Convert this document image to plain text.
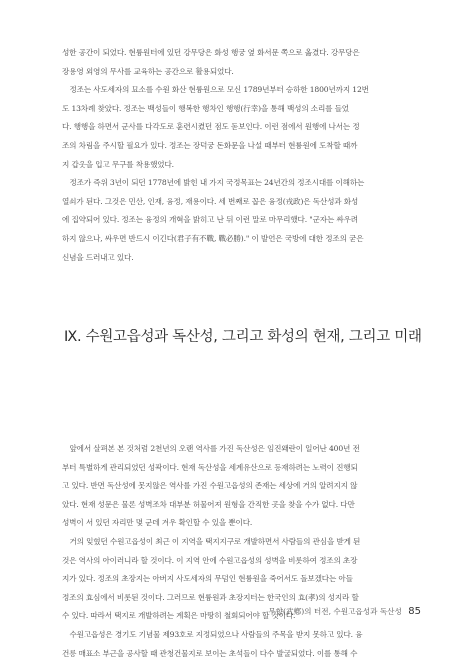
성한 공간이 되었다. 현륭원터에 있던 강무당은 화성 행궁 옆 화서문 쪽으로 옮겼다. 강무당은
장용영 외영의 무사를 교육하는 공간으로 활용되었다.
　정조는 사도세자의 묘소를 수원 화산 현륭원으로 모신 1789년부터 승하한 1800년까지 12번
도 13차례 찾았다. 정조는 백성들이 행복한 행차인 행행(行幸)을 통해 백성의 소리를 들었
다. 행행을 하면서 군사를 다각도로 훈련시켰던 점도 돋보인다. 이런 점에서 원행에 나서는 정
조의 차림을 주시할 필요가 있다. 정조는 장덕궁 돈화문을 나설 때부터 현륭원에 도착할 때까
지 갑옷을 입고 무구를 착용했었다.
　정조가 즉위 3년이 되던 1778년에 밝힌 내 가지 국정목표는 24년간의 정조시대를 이해하는
열쇠가 된다. 그것은 민산, 인재, 융정, 재용이다. 세 번째로 꼽은 융정(戎政)은 독산성과 화성
에 집약되어 있다. 정조는 융정의 개혁을 밝히고 난 뒤 이런 말로 마무리했다. "군자는 싸우려
하지 않으나, 싸우면 반드시 이긴다(君子有不戰, 戰必勝)." 이 발언은 국방에 대한 정조의 굳은
신념을 드러내고 있다.
Ⅸ. 수원고읍성과 독산성, 그리고 화성의 현재, 그리고 미래
　앞에서 살펴본 본 것처럼 2천년의 오랜 역사를 가진 독산성은 임진왜란이 일어난 400년 전
부터 특별하게 관리되었던 성곽이다. 현재 독산성을 세계유산으로 등재하려는 노력이 진행되
고 있다. 반면 독산성에 못지않은 역사를 가진 수원고읍성의 존재는 세상에 거의 알려지지 않
았다. 현재 성문은 물론 성벽조차 대부분 허물어져 원형을 간직한 곳을 찾을 수가 없다. 다만
성벽이 서 있던 자리만 몇 군데 겨우 확인할 수 있을 뿐이다.
　거의 잊혔던 수원고읍성이 최근 이 지역을 택지지구로 개발하면서 사람들의 관심을 받게 된
것은 역사의 아이러니라 할 것이다. 이 지역 안에 수원고읍성의 성벽을 비롯하여 정조의 초장
지가 있다. 정조의 초장지는 아버지 사도세자의 무덤인 현륭원을 죽어서도 돌보겠다는 아들
정조의 효심에서 비롯된 것이다. 그러므로 현륭원과 초장지터는 한국인의 효(孝)의 성지라 할
수 있다. 따라서 택지로 개발하려는 계획은 마땅히 철회되어야 할 것이다.
　수원고읍성은 경기도 기념물 제93호로 지정되었으나 사람들의 주목을 받지 못하고 있다. 융
건릉 매표소 부근을 공사할 때 관청건물지로 보이는 초석들이 다수 발굴되었다. 이를 통해 수
무향(武鄕)의 터전, 수원고읍성과 독산성 85
